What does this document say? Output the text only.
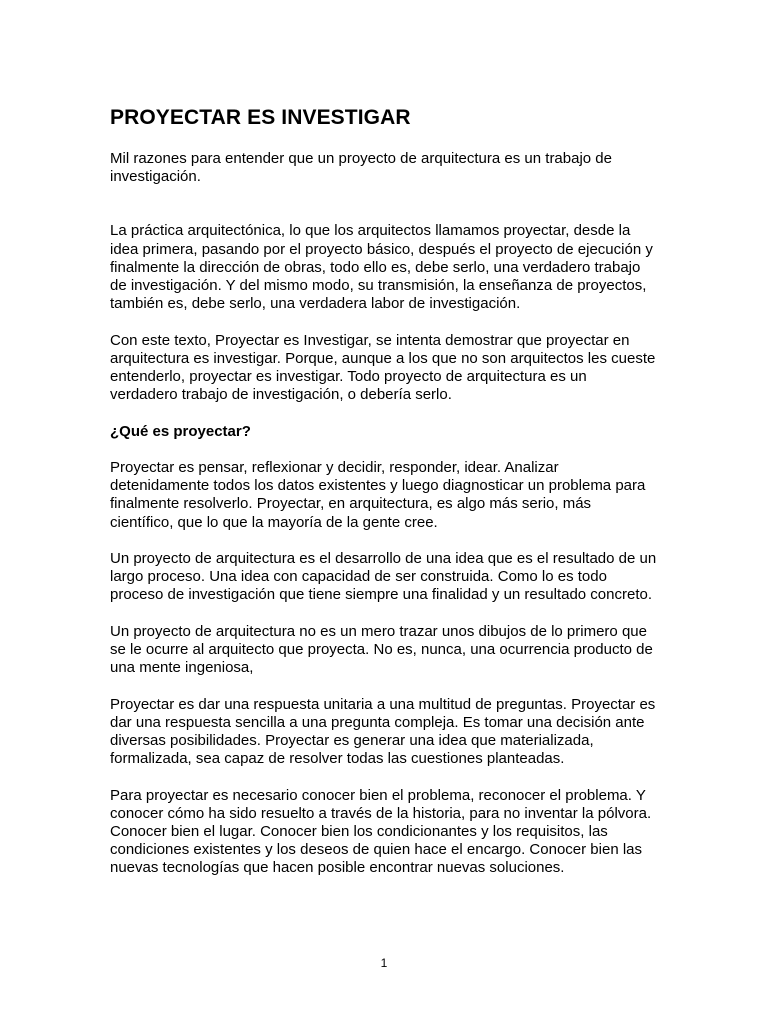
PROYECTAR ES INVESTIGAR

Mil razones para entender que un proyecto de arquitectura es un trabajo de investigación.

La práctica arquitectónica, lo que los arquitectos llamamos proyectar, desde la idea primera, pasando por el proyecto básico, después el proyecto de ejecución y finalmente la dirección de obras, todo ello es, debe serlo, una verdadero trabajo de investigación. Y del mismo modo, su transmisión, la enseñanza de proyectos, también es, debe serlo, una verdadera labor de investigación.

Con este texto, Proyectar es Investigar, se intenta demostrar que proyectar en arquitectura es investigar. Porque, aunque a los que no son arquitectos les cueste entenderlo, proyectar es investigar. Todo proyecto de arquitectura es un verdadero trabajo de investigación, o debería serlo.

¿Qué es proyectar?

Proyectar es pensar, reflexionar y decidir, responder, idear. Analizar detenidamente todos los datos existentes y luego diagnosticar un problema para finalmente resolverlo. Proyectar, en arquitectura, es algo más serio, más científico, que lo que la mayoría de la gente cree.

Un proyecto de arquitectura es el desarrollo de una idea que es el resultado de un largo proceso. Una idea con capacidad de ser construida. Como lo es todo proceso de investigación que tiene siempre una finalidad y un resultado concreto.

Un proyecto de arquitectura no es un mero trazar unos dibujos de lo primero que se le ocurre al arquitecto que proyecta. No es, nunca, una ocurrencia producto de una mente ingeniosa,

Proyectar es dar una respuesta unitaria a una multitud de preguntas. Proyectar es dar una respuesta sencilla a una pregunta compleja. Es tomar una decisión ante diversas posibilidades. Proyectar es generar una idea que materializada, formalizada, sea capaz de resolver todas las cuestiones planteadas.

Para proyectar es necesario conocer bien el problema, reconocer el problema. Y conocer cómo ha sido resuelto a través de la historia, para no inventar la pólvora. Conocer bien el lugar. Conocer bien los condicionantes y los requisitos, las condiciones existentes y los deseos de quien hace el encargo. Conocer bien las nuevas tecnologías que hacen posible encontrar nuevas soluciones.

1
